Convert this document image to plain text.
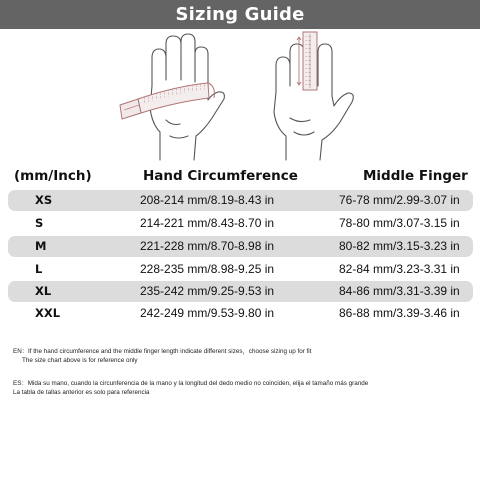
Sizing Guide
(mm/Inch)	Hand Circumference	Middle Finger
XS	208-214 mm/8.19-8.43 in	76-78 mm/2.99-3.07 in
S	214-221 mm/8.43-8.70 in	78-80 mm/3.07-3.15 in
M	221-228 mm/8.70-8.98 in	80-82 mm/3.15-3.23 in
L	228-235 mm/8.98-9.25 in	82-84 mm/3.23-3.31 in
XL	235-242 mm/9.25-9.53 in	84-86 mm/3.31-3.39 in
XXL	242-249 mm/9.53-9.80 in	86-88 mm/3.39-3.46 in
EN：If the hand circumference and the middle finger length indicate different sizes，choose sizing up for fit
The size chart above is for reference only
ES：Mida su mano, cuando la circunferencia de la mano y la longitud del dedo medio no coinciden, elija el tamaño más grande
La tabla de tallas anterior es solo para referencia
